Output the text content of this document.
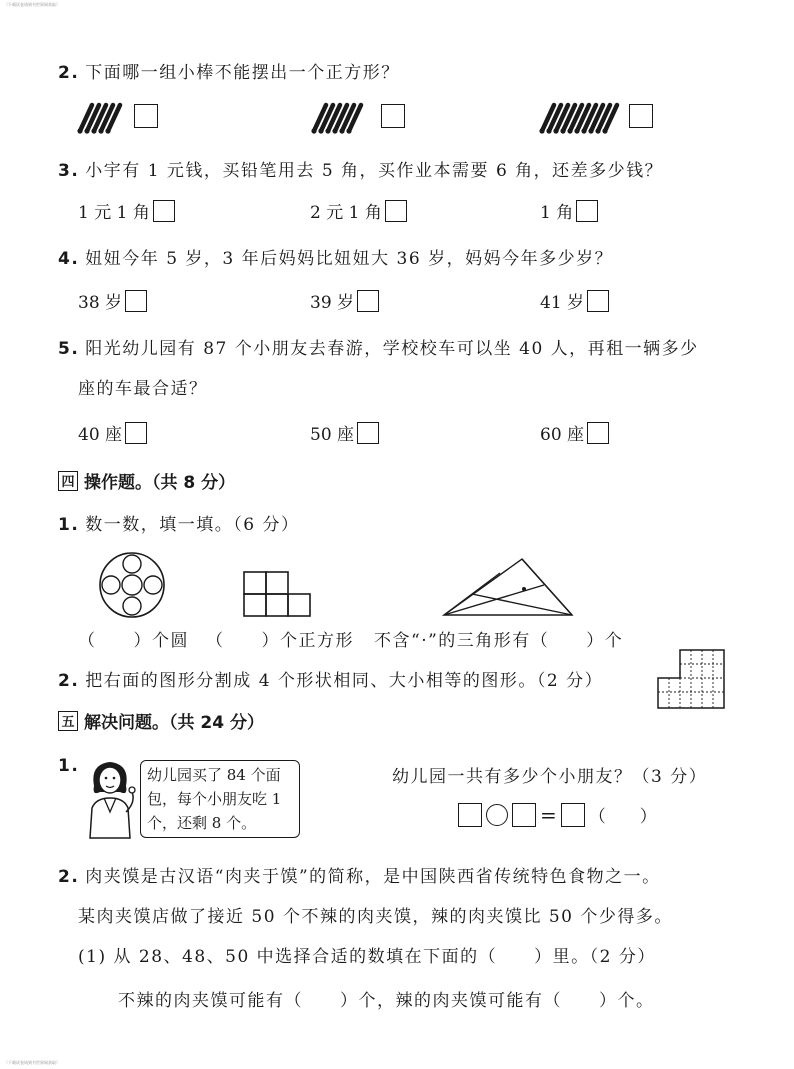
（下载试卷请到书世界网获取）
（下载试卷请到书世界网获取）
2. 下面哪一组小棒不能摆出一个正方形？
3. 小宇有 1 元钱，买铅笔用去 5 角，买作业本需要 6 角，还差多少钱？
1 元 1 角	2 元 1 角	1 角
4. 妞妞今年 5 岁，3 年后妈妈比妞妞大 36 岁，妈妈今年多少岁？
38 岁	39 岁	41 岁
5. 阳光幼儿园有 87 个小朋友去春游，学校校车可以坐 40 人，再租一辆多少
座的车最合适？
40 座	50 座	60 座
四 操作题。（共 8 分）
1. 数一数，填一填。（6 分）
（　　）个圆 （　　）个正方形 不含“·”的三角形有（　　）个
2. 把右面的图形分割成 4 个形状相同、大小相等的图形。（2 分）
五 解决问题。（共 24 分）
1.	幼儿园买了 84 个面包，每个小朋友吃 1 个，还剩 8 个。
幼儿园一共有多少个小朋友？（3 分）
= （　　）
2. 肉夹馍是古汉语“肉夹于馍”的简称，是中国陕西省传统特色食物之一。
某肉夹馍店做了接近 50 个不辣的肉夹馍，辣的肉夹馍比 50 个少得多。
(1) 从 28、48、50 中选择合适的数填在下面的（　　）里。（2 分）
不辣的肉夹馍可能有（　　）个，辣的肉夹馍可能有（　　）个。
